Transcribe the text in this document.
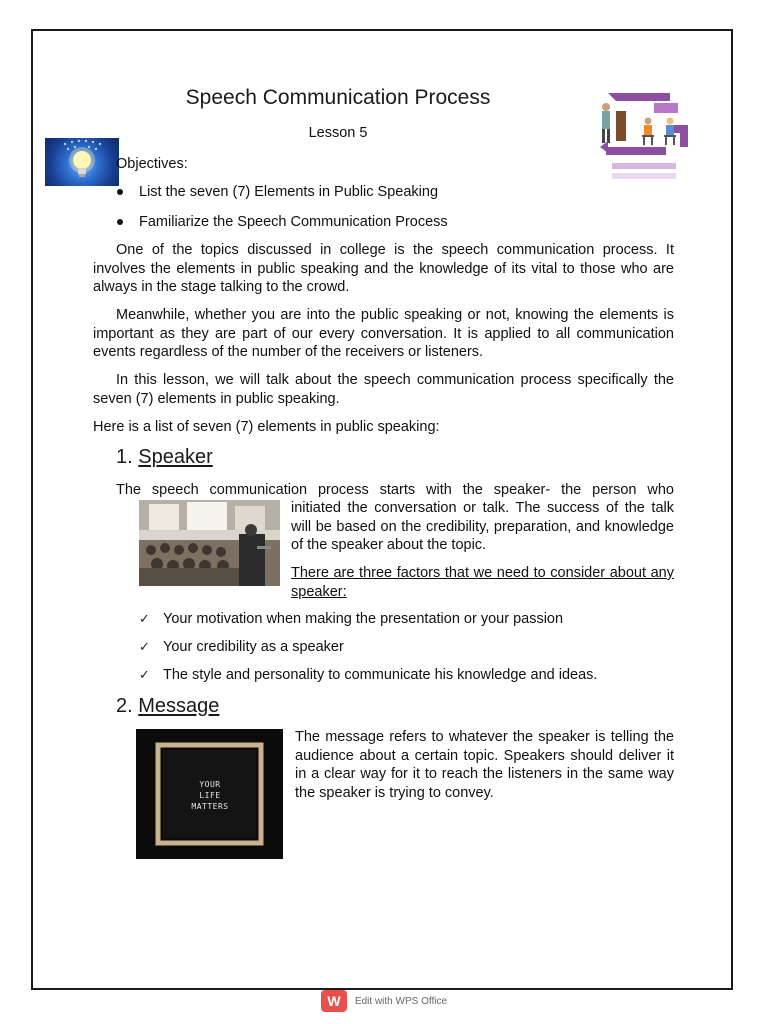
Speech Communication Process
Lesson 5
Objectives:
List the seven (7) Elements in Public Speaking
Familiarize the Speech Communication Process
One of the topics discussed in college is the speech communication process. It involves the elements in public speaking and the knowledge of its vital to those who are always in the stage talking to the crowd.
Meanwhile, whether you are into the public speaking or not, knowing the elements is important as they are part of our every conversation. It is applied to all communication events regardless of the number of the receivers or listeners.
In this lesson, we will talk about the speech communication process specifically the seven (7) elements in public speaking.
Here is a list of seven (7) elements in public speaking:
1. Speaker
The speech communication process starts with the speaker- the person who
initiated the conversation or talk. The success of the talk will be based on the credibility, preparation, and knowledge of the speaker about the topic.
There are three factors that we need to consider about any speaker:
✓ Your motivation when making the presentation or your passion
✓ Your credibility as a speaker
✓ The style and personality to communicate his knowledge and ideas.
2. Message
YOUR
LIFE
MATTERS
The message refers to whatever the speaker is telling the audience about a certain topic. Speakers should deliver it in a clear way for it to reach the listeners in the same way the speaker is trying to convey.
W	Edit with WPS Office
